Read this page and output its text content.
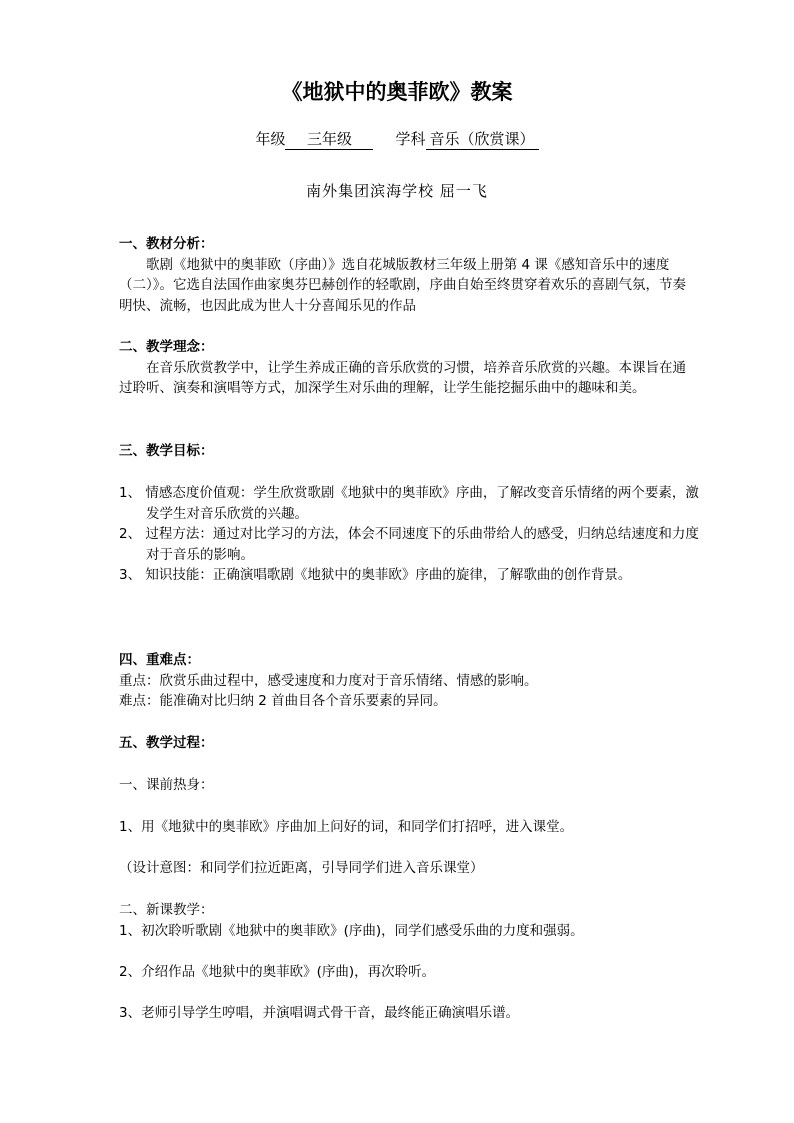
《地狱中的奥菲欧》教案
年级 三年级	学科 音乐（欣赏课）
南外集团滨海学校 屈一飞

一、教材分析：

歌剧《地狱中的奥菲欧（序曲）》选自花城版教材三年级上册第 4 课《感知音乐中的速度（二）》。它选自法国作曲家奥芬巴赫创作的轻歌剧，序曲自始至终贯穿着欢乐的喜剧气氛，节奏明快、流畅，也因此成为世人十分喜闻乐见的作品

二、教学理念：

在音乐欣赏教学中，让学生养成正确的音乐欣赏的习惯，培养音乐欣赏的兴趣。本课旨在通过聆听、演奏和演唱等方式，加深学生对乐曲的理解，让学生能挖掘乐曲中的趣味和美。

三、教学目标：

1、 情感态度价值观：学生欣赏歌剧《地狱中的奥菲欧》序曲，了解改变音乐情绪的两个要素，激发学生对音乐欣赏的兴趣。

2、 过程方法：通过对比学习的方法，体会不同速度下的乐曲带给人的感受，归纳总结速度和力度对于音乐的影响。

3、 知识技能：正确演唱歌剧《地狱中的奥菲欧》序曲的旋律，了解歌曲的创作背景。

四、重难点：

重点：欣赏乐曲过程中，感受速度和力度对于音乐情绪、情感的影响。

难点：能准确对比归纳 2 首曲目各个音乐要素的异同。

五、教学过程：

一、课前热身：

1、用《地狱中的奥菲欧》序曲加上问好的词，和同学们打招呼，进入课堂。

（设计意图：和同学们拉近距离，引导同学们进入音乐课堂）

二、新课教学：

1、初次聆听歌剧《地狱中的奥菲欧》(序曲)，同学们感受乐曲的力度和强弱。

2、介绍作品《地狱中的奥菲欧》(序曲)，再次聆听。

3、老师引导学生哼唱，并演唱调式骨干音，最终能正确演唱乐谱。
